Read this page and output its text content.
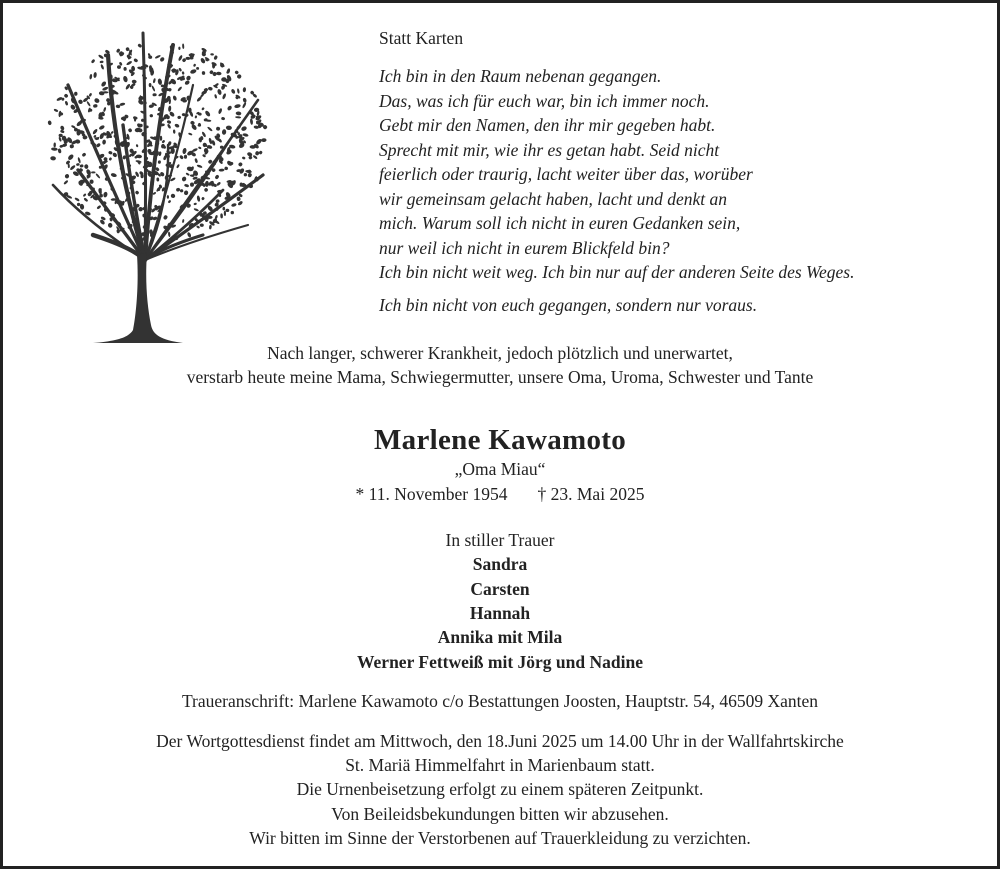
Statt Karten
Ich bin in den Raum nebenan gegangen.
Das, was ich für euch war, bin ich immer noch.
Gebt mir den Namen, den ihr mir gegeben habt.
Sprecht mit mir, wie ihr es getan habt. Seid nicht
feierlich oder traurig, lacht weiter über das, worüber
wir gemeinsam gelacht haben, lacht und denkt an
mich. Warum soll ich nicht in euren Gedanken sein,
nur weil ich nicht in eurem Blickfeld bin?
Ich bin nicht weit weg. Ich bin nur auf der anderen Seite des Weges.
Ich bin nicht von euch gegangen, sondern nur voraus.
Nach langer, schwerer Krankheit, jedoch plötzlich und unerwartet,
verstarb heute meine Mama, Schwiegermutter, unsere Oma, Uroma, Schwester und Tante
Marlene Kawamoto
„Oma Miau“
* 11. November 1954 † 23. Mai 2025
In stiller Trauer
Sandra
Carsten
Hannah
Annika mit Mila
Werner Fettweiß mit Jörg und Nadine
Traueranschrift: Marlene Kawamoto c/o Bestattungen Joosten, Hauptstr. 54, 46509 Xanten
Der Wortgottesdienst findet am Mittwoch, den 18.Juni 2025 um 14.00 Uhr in der Wallfahrtskirche
St. Mariä Himmelfahrt in Marienbaum statt.
Die Urnenbeisetzung erfolgt zu einem späteren Zeitpunkt.
Von Beileidsbekundungen bitten wir abzusehen.
Wir bitten im Sinne der Verstorbenen auf Trauerkleidung zu verzichten.
